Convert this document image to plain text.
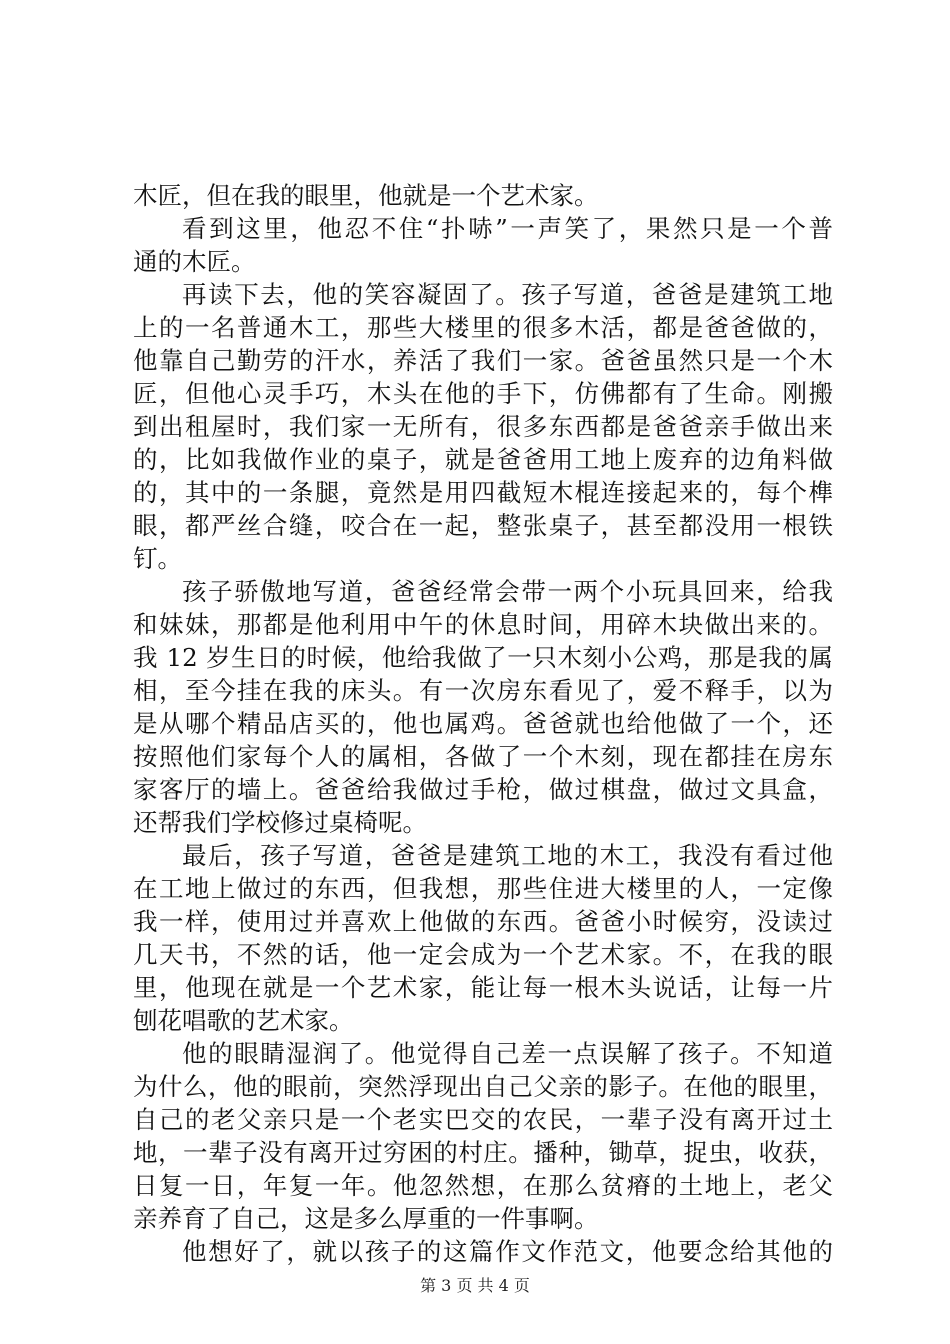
木匠，但在我的眼里，他就是一个艺术家。
看到这里，他忍不住“扑哧”一声笑了，果然只是一个普
通的木匠。
再读下去，他的笑容凝固了。孩子写道，爸爸是建筑工地
上的一名普通木工，那些大楼里的很多木活，都是爸爸做的，
他靠自己勤劳的汗水，养活了我们一家。爸爸虽然只是一个木
匠，但他心灵手巧，木头在他的手下，仿佛都有了生命。刚搬
到出租屋时，我们家一无所有，很多东西都是爸爸亲手做出来
的，比如我做作业的桌子，就是爸爸用工地上废弃的边角料做
的，其中的一条腿，竟然是用四截短木棍连接起来的，每个榫
眼，都严丝合缝，咬合在一起，整张桌子，甚至都没用一根铁
钉。
孩子骄傲地写道，爸爸经常会带一两个小玩具回来，给我
和妹妹，那都是他利用中午的休息时间，用碎木块做出来的。
我 12 岁生日的时候，他给我做了一只木刻小公鸡，那是我的属
相，至今挂在我的床头。有一次房东看见了，爱不释手，以为
是从哪个精品店买的，他也属鸡。爸爸就也给他做了一个，还
按照他们家每个人的属相，各做了一个木刻，现在都挂在房东
家客厅的墙上。爸爸给我做过手枪，做过棋盘，做过文具盒，
还帮我们学校修过桌椅呢。
最后，孩子写道，爸爸是建筑工地的木工，我没有看过他
在工地上做过的东西，但我想，那些住进大楼里的人，一定像
我一样，使用过并喜欢上他做的东西。爸爸小时候穷，没读过
几天书，不然的话，他一定会成为一个艺术家。不，在我的眼
里，他现在就是一个艺术家，能让每一根木头说话，让每一片
刨花唱歌的艺术家。
他的眼睛湿润了。他觉得自己差一点误解了孩子。不知道
为什么，他的眼前，突然浮现出自己父亲的影子。在他的眼里，
自己的老父亲只是一个老实巴交的农民，一辈子没有离开过土
地，一辈子没有离开过穷困的村庄。播种，锄草，捉虫，收获，
日复一日，年复一年。他忽然想，在那么贫瘠的土地上，老父
亲养育了自己，这是多么厚重的一件事啊。
他想好了，就以孩子的这篇作文作范文，他要念给其他的
第 3 页 共 4 页
